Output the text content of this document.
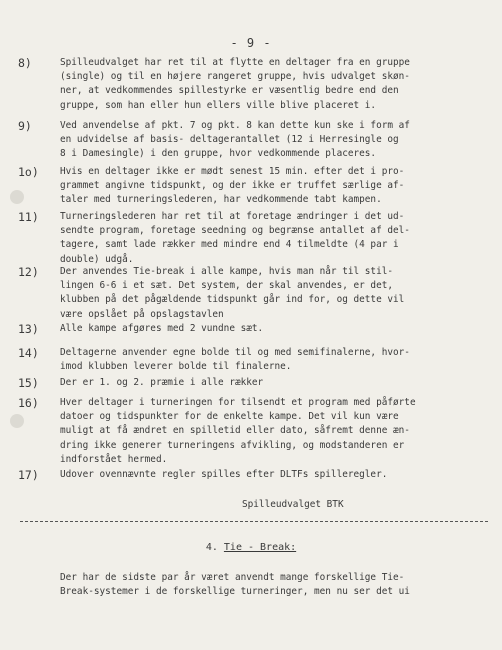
- 9 -
8)	Spilleudvalget har ret til at flytte en deltager fra en gruppe
(single) og til en højere rangeret gruppe, hvis udvalget skøn-
ner, at vedkommendes spillestyrke er væsentlig bedre end den
gruppe, som han eller hun ellers ville blive placeret i.
9)	Ved anvendelse af pkt. 7 og pkt. 8 kan dette kun ske i form af
en udvidelse af basis- deltagerantallet (12 i Herresingle og
8 i Damesingle) i den gruppe, hvor vedkommende placeres.
1o)	Hvis en deltager ikke er mødt senest 15 min. efter det i pro-
grammet angivne tidspunkt, og der ikke er truffet særlige af-
taler med turneringslederen, har vedkommende tabt kampen.
11)	Turneringslederen har ret til at foretage ændringer i det ud-
sendte program, foretage seedning og begrænse antallet af del-
tagere, samt lade rækker med mindre end 4 tilmeldte (4 par i
double) udgå.
12)	Der anvendes Tie-break i alle kampe, hvis man når til stil-
lingen 6-6 i et sæt. Det system, der skal anvendes, er det,
klubben på det pågældende tidspunkt går ind for, og dette vil
være opslået på opslagstavlen
13)	Alle kampe afgøres med 2 vundne sæt.
14)	Deltagerne anvender egne bolde til og med semifinalerne, hvor-
imod klubben leverer bolde til finalerne.
15)	Der er 1. og 2. præmie i alle rækker
16)	Hver deltager i turneringen for tilsendt et program med påførte
datoer og tidspunkter for de enkelte kampe. Det vil kun være
muligt at få ændret en spilletid eller dato, såfremt denne æn-
dring ikke generer turneringens afvikling, og modstanderen er
indforstået hermed.
17)	Udover ovennævnte regler spilles efter DLTFs spilleregler.
Spilleudvalget BTK
4. Tie - Break:
Der har de sidste par år været anvendt mange forskellige Tie-
Break-systemer i de forskellige turneringer, men nu ser det ui
